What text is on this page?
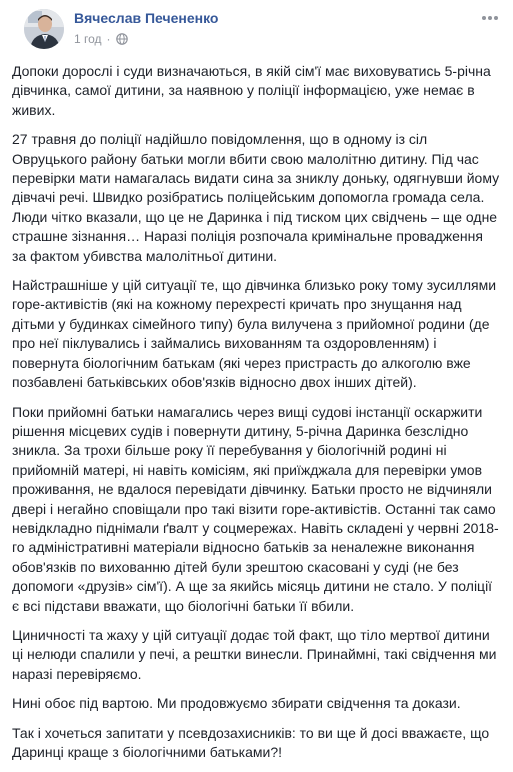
Вячеслав Печененко
1 год ·

Допоки дорослі і суди визначаються, в якій сім'ї має виховуватись 5-річна дівчинка, самої дитини, за наявною у поліції інформацією, уже немає в живих.

27 травня до поліції надійшло повідомлення, що в одному із сіл Овруцького району батьки могли вбити свою малолітню дитину. Під час перевірки мати намагалась видати сина за зниклу доньку, одягнувши йому дівчачі речі. Швидко розібратись поліцейським допомогла громада села. Люди чітко вказали, що це не Даринка і під тиском цих свідчень – ще одне страшне зізнання… Наразі поліція розпочала кримінальне провадження за фактом убивства малолітньої дитини.

Найстрашніше у цій ситуації те, що дівчинка близько року тому зусиллями горе-активістів (які на кожному перехресті кричать про знущання над дітьми у будинках сімейного типу) була вилучена з прийомної родини (де про неї піклувались і займались вихованням та оздоровленням) і повернута біологічним батькам (які через пристрасть до алкоголю вже позбавлені батьківських обов'язків відносно двох інших дітей).

Поки прийомні батьки намагались через вищі судові інстанції оскаржити рішення місцевих судів і повернути дитину, 5-річна Даринка безслідно зникла. За трохи більше року її перебування у біологічній родині ні прийомній матері, ні навіть комісіям, які приїжджала для перевірки умов проживання, не вдалося перевідати дівчинку. Батьки просто не відчиняли двері і негайно сповіщали про такі візити горе-активістів. Останні так само невідкладно піднімали ґвалт у соцмережах. Навіть складені у червні 2018-го адміністративні матеріали відносно батьків за неналежне виконання обов'язків по вихованню дітей були зрештою скасовані у суді (не без допомоги «друзів» сім'ї). А ще за якийсь місяць дитини не стало. У поліції є всі підстави вважати, що біологічні батьки її вбили.

Циничності та жаху у цій ситуації додає той факт, що тіло мертвої дитини ці нелюди спалили у печі, а рештки винесли. Принаймні, такі свідчення ми наразі перевіряємо.

Нині обоє під вартою. Ми продовжуємо збирати свідчення та докази.

Так і хочеться запитати у псевдозахисників: то ви ще й досі вважаєте, що Даринці краще з біологічними батьками?!
